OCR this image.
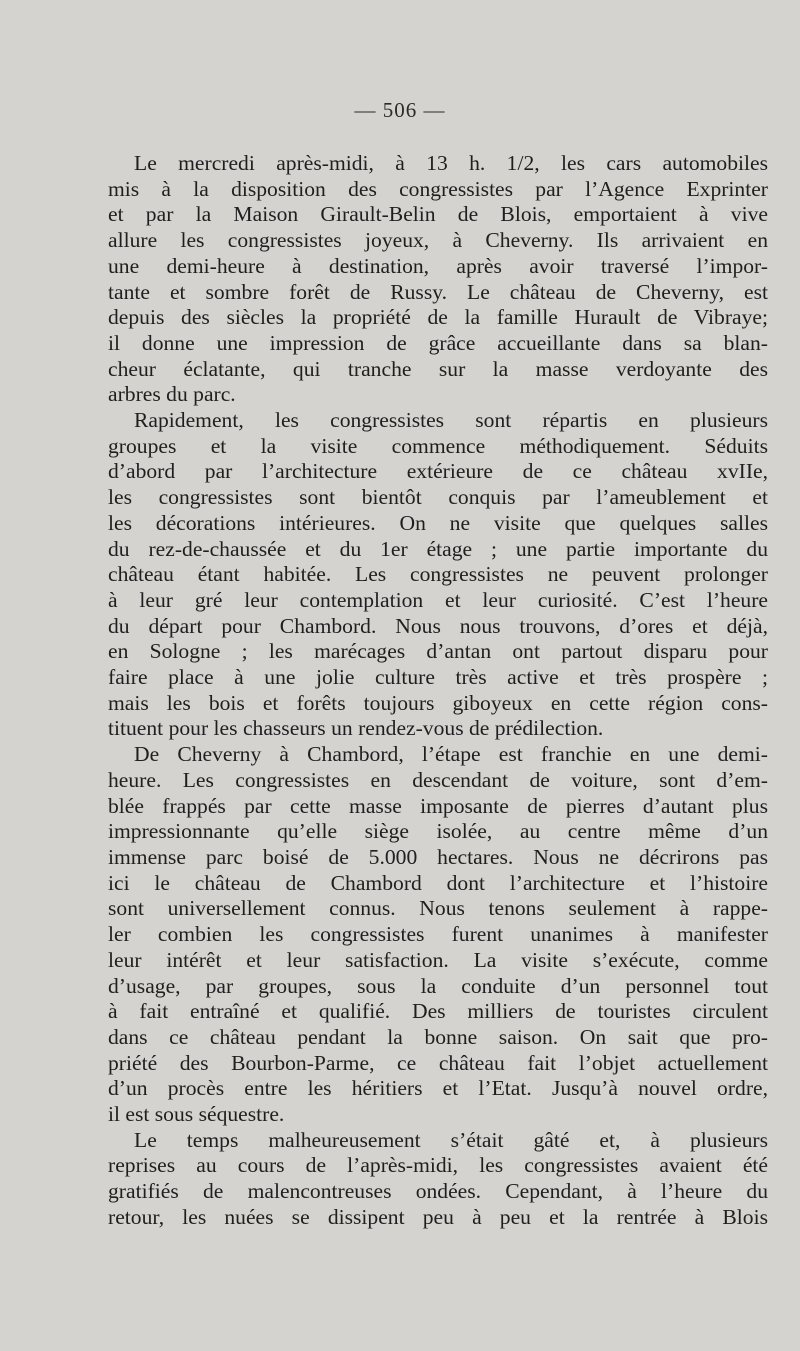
— 506 —
Le mercredi après-midi, à 13 h. 1/2, les cars automobiles
mis à la disposition des congressistes par l’Agence Exprinter
et par la Maison Girault-Belin de Blois, emportaient à vive
allure les congressistes joyeux, à Cheverny. Ils arrivaient en
une demi-heure à destination, après avoir traversé l’impor-
tante et sombre forêt de Russy. Le château de Cheverny, est
depuis des siècles la propriété de la famille Hurault de Vibraye;
il donne une impression de grâce accueillante dans sa blan-
cheur éclatante, qui tranche sur la masse verdoyante des
arbres du parc.
Rapidement, les congressistes sont répartis en plusieurs
groupes et la visite commence méthodiquement. Séduits
d’abord par l’architecture extérieure de ce château xvIIe,
les congressistes sont bientôt conquis par l’ameublement et
les décorations intérieures. On ne visite que quelques salles
du rez-de-chaussée et du 1er étage ; une partie importante du
château étant habitée. Les congressistes ne peuvent prolonger
à leur gré leur contemplation et leur curiosité. C’est l’heure
du départ pour Chambord. Nous nous trouvons, d’ores et déjà,
en Sologne ; les marécages d’antan ont partout disparu pour
faire place à une jolie culture très active et très prospère ;
mais les bois et forêts toujours giboyeux en cette région cons-
tituent pour les chasseurs un rendez-vous de prédilection.
De Cheverny à Chambord, l’étape est franchie en une demi-
heure. Les congressistes en descendant de voiture, sont d’em-
blée frappés par cette masse imposante de pierres d’autant plus
impressionnante qu’elle siège isolée, au centre même d’un
immense parc boisé de 5.000 hectares. Nous ne décrirons pas
ici le château de Chambord dont l’architecture et l’histoire
sont universellement connus. Nous tenons seulement à rappe-
ler combien les congressistes furent unanimes à manifester
leur intérêt et leur satisfaction. La visite s’exécute, comme
d’usage, par groupes, sous la conduite d’un personnel tout
à fait entraîné et qualifié. Des milliers de touristes circulent
dans ce château pendant la bonne saison. On sait que pro-
priété des Bourbon-Parme, ce château fait l’objet actuellement
d’un procès entre les héritiers et l’Etat. Jusqu’à nouvel ordre,
il est sous séquestre.
Le temps malheureusement s’était gâté et, à plusieurs
reprises au cours de l’après-midi, les congressistes avaient été
gratifiés de malencontreuses ondées. Cependant, à l’heure du
retour, les nuées se dissipent peu à peu et la rentrée à Blois
